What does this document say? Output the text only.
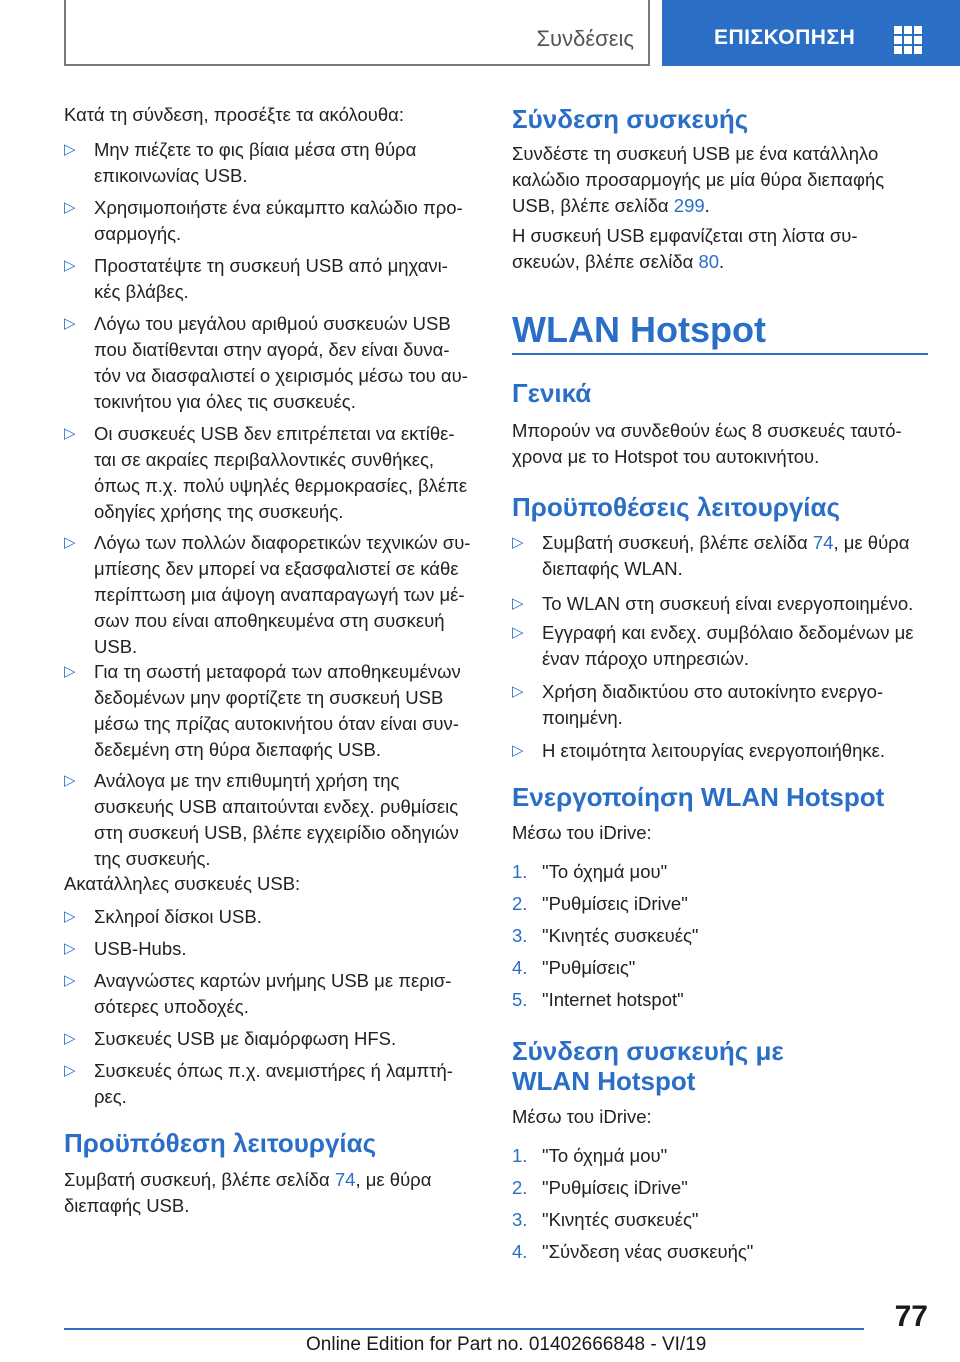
Συνδέσεις	ΕΠΙΣΚΟΠΗΣΗ
Κατά τη σύνδεση, προσέξτε τα ακόλουθα:
▷ Μην πιέζετε το φις βίαια μέσα στη θύρα
επικοινωνίας USB.
▷ Χρησιμοποιήστε ένα εύκαμπτο καλώδιο προ-
σαρμογής.
▷ Προστατέψτε τη συσκευή USB από μηχανι-
κές βλάβες.
▷ Λόγω του μεγάλου αριθμού συσκευών USB
που διατίθενται στην αγορά, δεν είναι δυνα-
τόν να διασφαλιστεί ο χειρισμός μέσω του αυ-
τοκινήτου για όλες τις συσκευές.
▷ Οι συσκευές USB δεν επιτρέπεται να εκτίθε-
ται σε ακραίες περιβαλλοντικές συνθήκες,
όπως π.χ. πολύ υψηλές θερμοκρασίες, βλέπε
οδηγίες χρήσης της συσκευής.
▷ Λόγω των πολλών διαφορετικών τεχνικών συ-
μπίεσης δεν μπορεί να εξασφαλιστεί σε κάθε
περίπτωση μια άψογη αναπαραγωγή των μέ-
σων που είναι αποθηκευμένα στη συσκευή
USB.
▷ Για τη σωστή μεταφορά των αποθηκευμένων
δεδομένων μην φορτίζετε τη συσκευή USB
μέσω της πρίζας αυτοκινήτου όταν είναι συν-
δεδεμένη στη θύρα διεπαφής USB.
▷ Ανάλογα με την επιθυμητή χρήση της
συσκευής USB απαιτούνται ενδεχ. ρυθμίσεις
στη συσκευή USB, βλέπε εγχειρίδιο οδηγιών
της συσκευής.
Ακατάλληλες συσκευές USB:
▷ Σκληροί δίσκοι USB.
▷ USB-Hubs.
▷ Αναγνώστες καρτών μνήμης USB με περισ-
σότερες υποδοχές.
▷ Συσκευές USB με διαμόρφωση HFS.
▷ Συσκευές όπως π.χ. ανεμιστήρες ή λαμπτή-
ρες.
Προϋπόθεση λειτουργίας
Συμβατή συσκευή, βλέπε σελίδα 74, με θύρα
διεπαφής USB.
Σύνδεση συσκευής
Συνδέστε τη συσκευή USB με ένα κατάλληλο
καλώδιο προσαρμογής με μία θύρα διεπαφής
USB, βλέπε σελίδα 299.
Η συσκευή USB εμφανίζεται στη λίστα συ-
σκευών, βλέπε σελίδα 80.
WLAN Hotspot
Γενικά
Μπορούν να συνδεθούν έως 8 συσκευές ταυτό-
χρονα με το Hotspot του αυτοκινήτου.
Προϋποθέσεις λειτουργίας
▷ Συμβατή συσκευή, βλέπε σελίδα 74, με θύρα
διεπαφής WLAN.
▷ Το WLAN στη συσκευή είναι ενεργοποιημένο.
▷ Εγγραφή και ενδεχ. συμβόλαιο δεδομένων με
έναν πάροχο υπηρεσιών.
▷ Χρήση διαδικτύου στο αυτοκίνητο ενεργο-
ποιημένη.
▷ Η ετοιμότητα λειτουργίας ενεργοποιήθηκε.
Ενεργοποίηση WLAN Hotspot
Μέσω του iDrive:
1. "Το όχημά μου"
2. "Ρυθμίσεις iDrive"
3. "Κινητές συσκευές"
4. "Ρυθμίσεις"
5. "Internet hotspot"
Σύνδεση συσκευής με
WLAN Hotspot
Μέσω του iDrive:
1. "Το όχημά μου"
2. "Ρυθμίσεις iDrive"
3. "Κινητές συσκευές"
4. "Σύνδεση νέας συσκευής"
77
Online Edition for Part no. 01402666848 - VI/19
